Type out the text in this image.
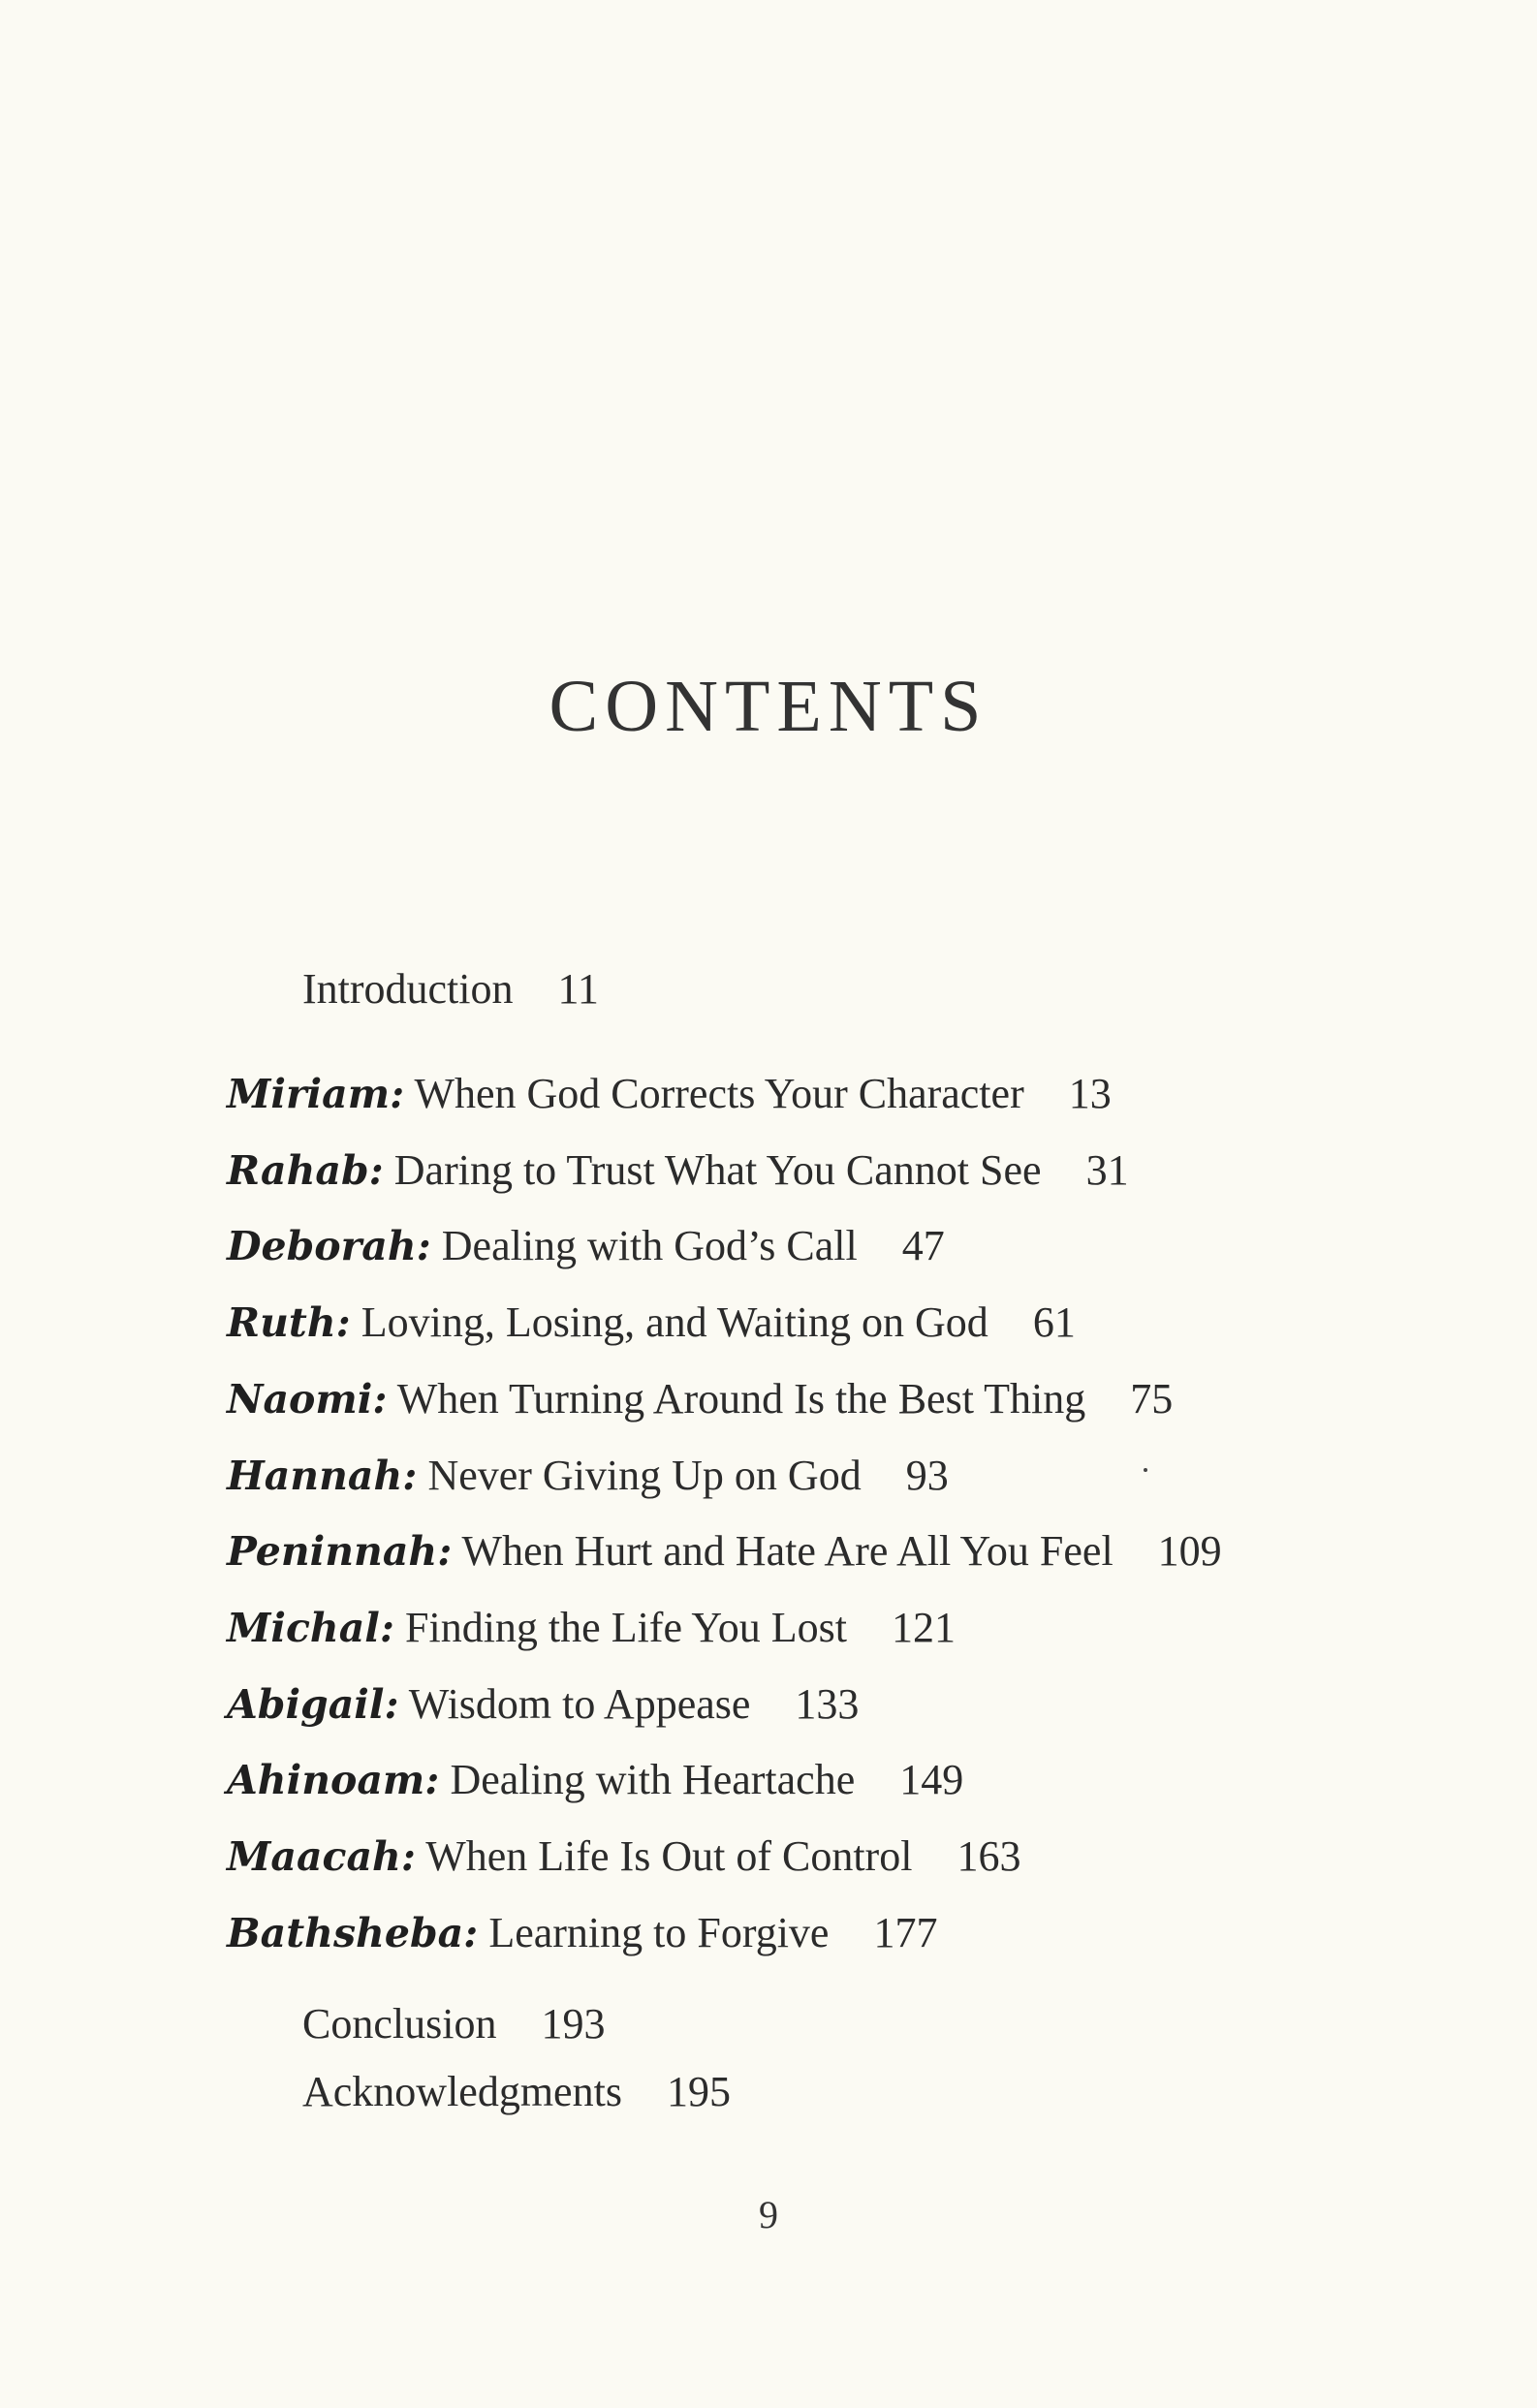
CONTENTS
Introduction 11
Miriam: When God Corrects Your Character 13
Rahab: Daring to Trust What You Cannot See 31
Deborah: Dealing with God’s Call 47
Ruth: Loving, Losing, and Waiting on God 61
Naomi: When Turning Around Is the Best Thing 75
Hannah: Never Giving Up on God 93
Peninnah: When Hurt and Hate Are All You Feel 109
Michal: Finding the Life You Lost 121
Abigail: Wisdom to Appease 133
Ahinoam: Dealing with Heartache 149
Maacah: When Life Is Out of Control 163
Bathsheba: Learning to Forgive 177
Conclusion 193
Acknowledgments 195
9
